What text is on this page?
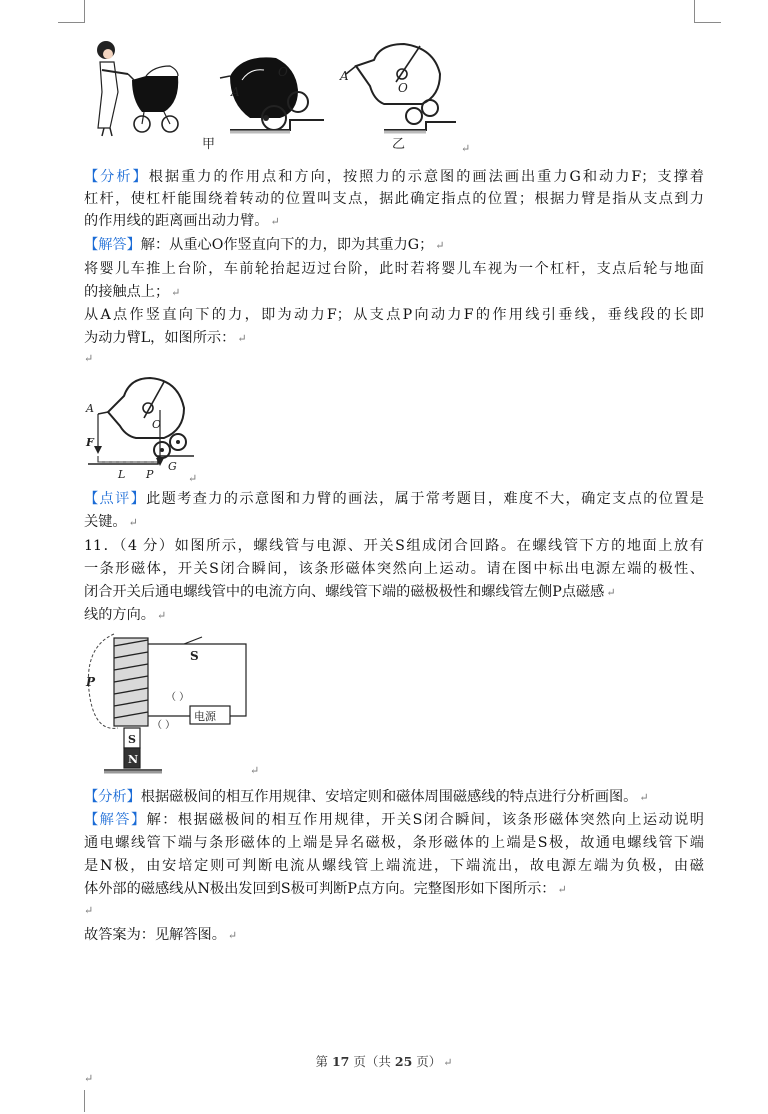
A
O	A
O
甲	乙	↵
【分析】根据重力的作用点和方向，按照力的示意图的画法画出重力G和动力F；支撑着
杠杆，使杠杆能围绕着转动的位置叫支点，据此确定指点的位置；根据力臂是指从支点到力
的作用线的距离画出动力臂。 ↵
【解答】解：从重心O作竖直向下的力，即为其重力G； ↵
将婴儿车推上台阶，车前轮抬起迈过台阶，此时若将婴儿车视为一个杠杆，支点后轮与地面
的接触点上； ↵
从A点作竖直向下的力，即为动力F；从支点P向动力F的作用线引垂线，垂线段的长即
为动力臂L，如图所示： ↵
↵
A
O
F
L P
G
↵
【点评】此题考查力的示意图和力臂的画法，属于常考题目，难度不大，确定支点的位置是
关键。 ↵
11．（4 分）如图所示，螺线管与电源、开关S组成闭合回路。在螺线管下方的地面上放有
一条形磁体，开关S闭合瞬间，该条形磁体突然向上运动。请在图中标出电源左端的极性、
闭合开关后通电螺线管中的电流方向、螺线管下端的磁极极性和螺线管左侧P点磁感 ↵
线的方向。 ↵
S
P
（ ）
（ ）
电源
S
N
↵
【分析】根据磁极间的相互作用规律、安培定则和磁体周围磁感线的特点进行分析画图。 ↵
【解答】解：根据磁极间的相互作用规律，开关S闭合瞬间，该条形磁体突然向上运动说明
通电螺线管下端与条形磁体的上端是异名磁极，条形磁体的上端是S极，故通电螺线管下端
是N极，由安培定则可判断电流从螺线管上端流进，下端流出，故电源左端为负极，由磁
体外部的磁感线从N极出发回到S极可判断P点方向。完整图形如下图所示： ↵
↵
故答案为：见解答图。 ↵
第 17 页（共 25 页） ↵
↵
